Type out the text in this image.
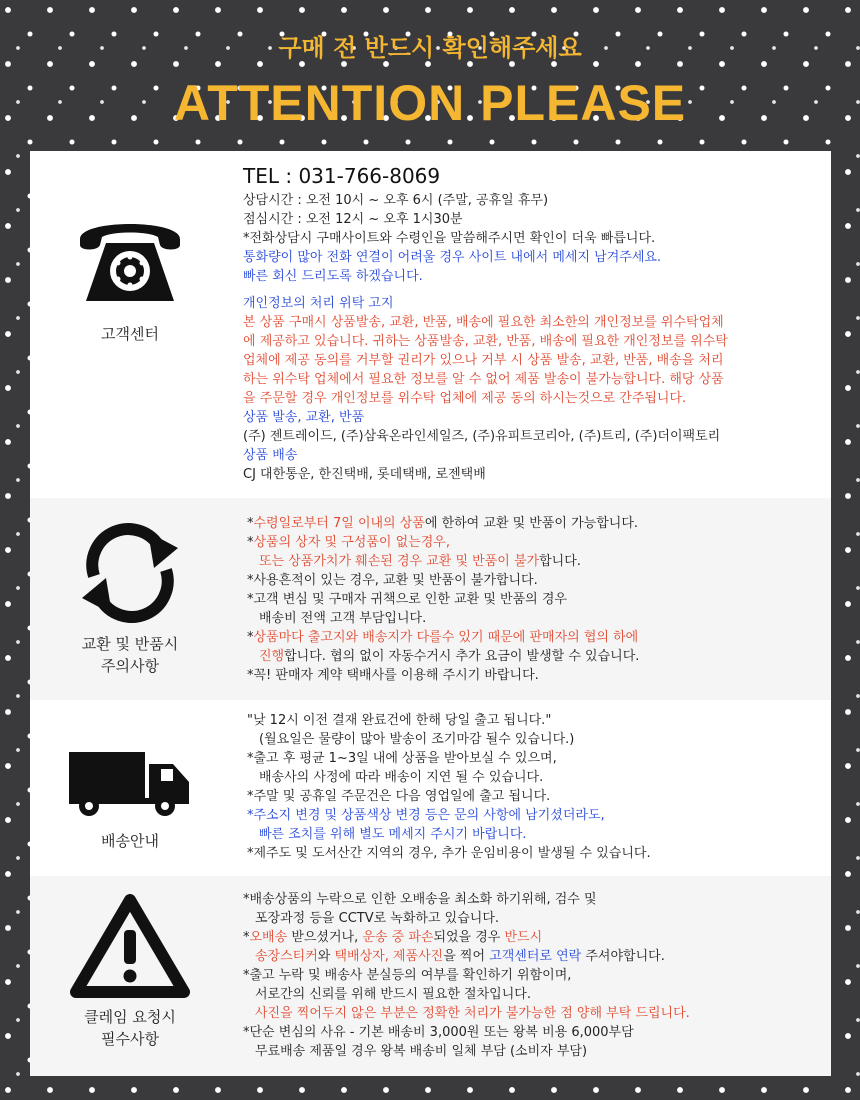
구매 전 반드시 확인해주세요
ATTENTION PLEASE
고객센터
TEL : 031-766-8069
상담시간 : 오전 10시 ~ 오후 6시 (주말, 공휴일 휴무)
점심시간 : 오전 12시 ~ 오후 1시30분
*전화상담시 구매사이트와 수령인을 말씀해주시면 확인이 더욱 빠릅니다.
통화량이 많아 전화 연결이 어려울 경우 사이트 내에서 메세지 남겨주세요.
빠른 회신 드리도록 하겠습니다.
개인정보의 처리 위탁 고지
본 상품 구매시 상품발송, 교환, 반품, 배송에 필요한 최소한의 개인정보를 위수탁업체
에 제공하고 있습니다. 귀하는 상품발송, 교환, 반품, 배송에 필요한 개인정보를 위수탁
업체에 제공 동의를 거부할 권리가 있으나 거부 시 상품 발송, 교환, 반품, 배송을 처리
하는 위수탁 업체에서 필요한 정보를 알 수 없어 제품 발송이 불가능합니다. 해당 상품
을 주문할 경우 개인정보를 위수탁 업체에 제공 동의 하시는것으로 간주됩니다.
상품 발송, 교환, 반품
(주) 젠트레이드, (주)삼육온라인세일즈, (주)유피트코리아, (주)트리, (주)더이팩토리
상품 배송
CJ 대한통운, 한진택배, 롯데택배, 로젠택배
교환 및 반품시
주의사항
*수령일로부터 7일 이내의 상품에 한하여 교환 및 반품이 가능합니다.
*상품의 상자 및 구성품이 없는경우,
또는 상품가치가 훼손된 경우 교환 및 반품이 불가합니다.
*사용흔적이 있는 경우, 교환 및 반품이 불가합니다.
*고객 변심 및 구매자 귀책으로 인한 교환 및 반품의 경우
배송비 전액 고객 부담입니다.
*상품마다 출고지와 배송지가 다를수 있기 때문에 판매자의 협의 하에
진행합니다. 협의 없이 자동수거시 추가 요금이 발생할 수 있습니다.
*꼭! 판매자 계약 택배사를 이용해 주시기 바랍니다.
배송안내
"낮 12시 이전 결재 완료건에 한해 당일 출고 됩니다."
(월요일은 물량이 많아 발송이 조기마감 될수 있습니다.)
*출고 후 평균 1~3일 내에 상품을 받아보실 수 있으며,
배송사의 사정에 따라 배송이 지연 될 수 있습니다.
*주말 및 공휴일 주문건은 다음 영업일에 출고 됩니다.
*주소지 변경 및 상품색상 변경 등은 문의 사항에 남기셨더라도,
빠른 조치를 위해 별도 메세지 주시기 바랍니다.
*제주도 및 도서산간 지역의 경우, 추가 운임비용이 발생될 수 있습니다.
클레임 요청시
필수사항
*배송상품의 누락으로 인한 오배송을 최소화 하기위해, 검수 및
포장과정 등을 CCTV로 녹화하고 있습니다.
*오배송 받으셨거나, 운송 중 파손되었을 경우 반드시
송장스티커와 택배상자, 제품사진을 찍어 고객센터로 연락 주셔야합니다.
*출고 누락 및 배송사 분실등의 여부를 확인하기 위함이며,
서로간의 신뢰를 위해 반드시 필요한 절차입니다.
사진을 찍어두지 않은 부분은 정확한 처리가 불가능한 점 양해 부탁 드립니다.
*단순 변심의 사유 - 기본 배송비 3,000원 또는 왕복 비용 6,000부담
무료배송 제품일 경우 왕복 배송비 일체 부담 (소비자 부담)
